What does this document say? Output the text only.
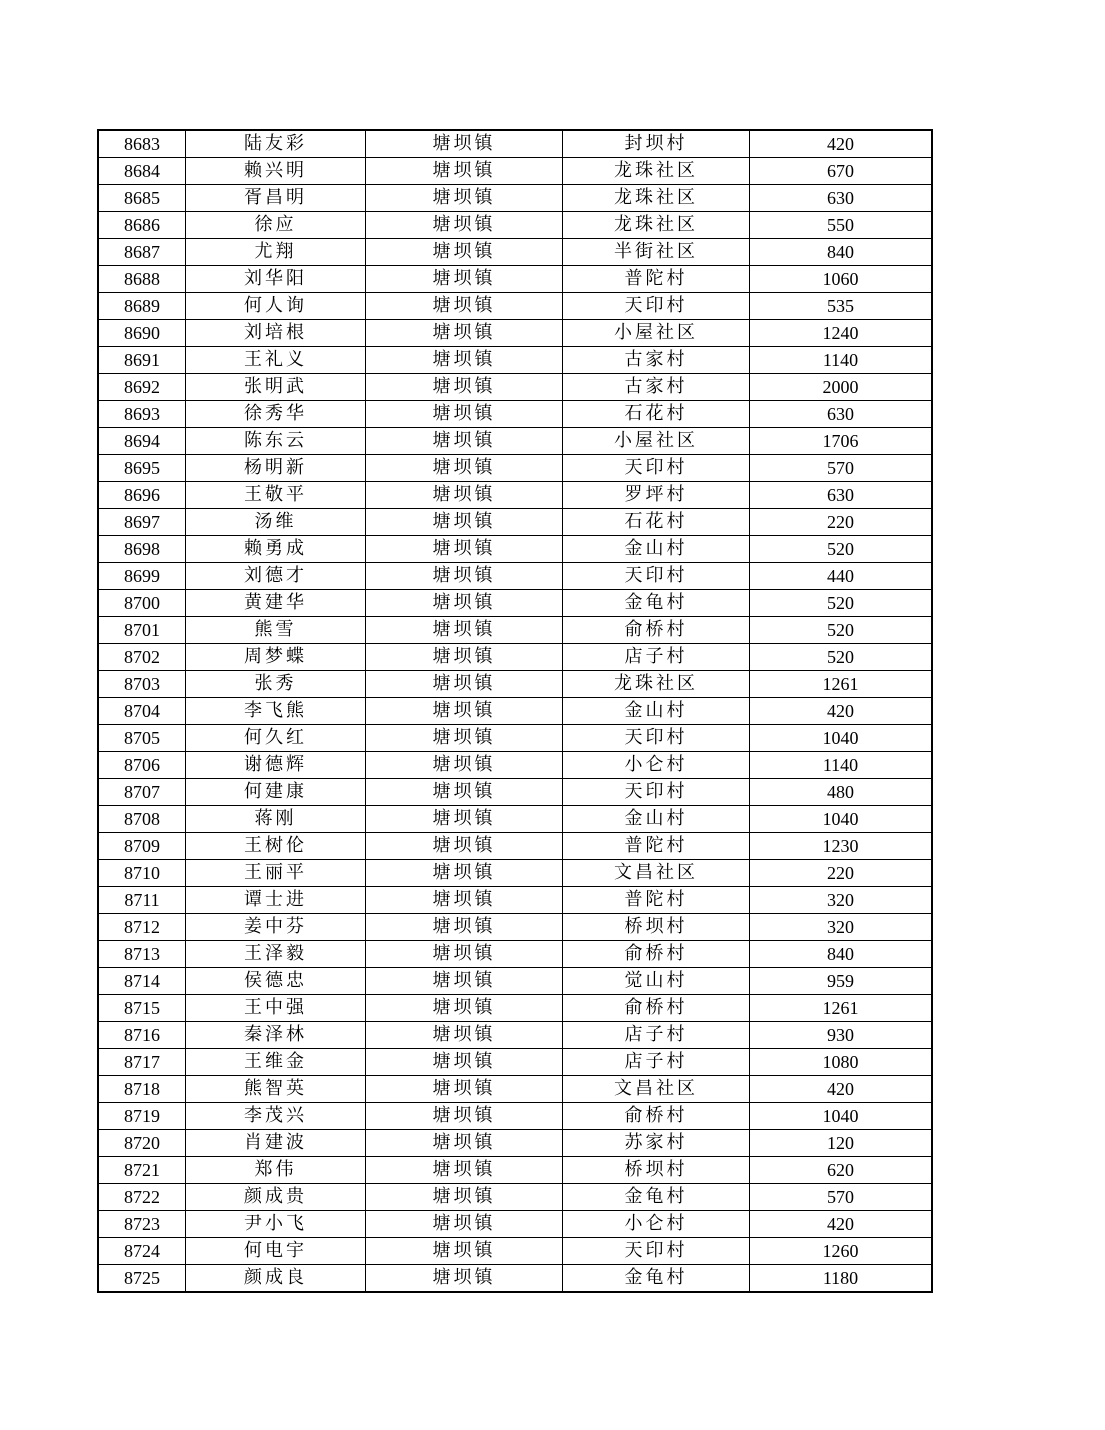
8683	陆友彩	塘坝镇	封坝村	420
8684	赖兴明	塘坝镇	龙珠社区	670
8685	胥昌明	塘坝镇	龙珠社区	630
8686	徐应	塘坝镇	龙珠社区	550
8687	尤翔	塘坝镇	半街社区	840
8688	刘华阳	塘坝镇	普陀村	1060
8689	何人询	塘坝镇	天印村	535
8690	刘培根	塘坝镇	小屋社区	1240
8691	王礼义	塘坝镇	古家村	1140
8692	张明武	塘坝镇	古家村	2000
8693	徐秀华	塘坝镇	石花村	630
8694	陈东云	塘坝镇	小屋社区	1706
8695	杨明新	塘坝镇	天印村	570
8696	王敬平	塘坝镇	罗坪村	630
8697	汤维	塘坝镇	石花村	220
8698	赖勇成	塘坝镇	金山村	520
8699	刘德才	塘坝镇	天印村	440
8700	黄建华	塘坝镇	金龟村	520
8701	熊雪	塘坝镇	俞桥村	520
8702	周梦蝶	塘坝镇	店子村	520
8703	张秀	塘坝镇	龙珠社区	1261
8704	李飞熊	塘坝镇	金山村	420
8705	何久红	塘坝镇	天印村	1040
8706	谢德辉	塘坝镇	小仑村	1140
8707	何建康	塘坝镇	天印村	480
8708	蒋刚	塘坝镇	金山村	1040
8709	王树伦	塘坝镇	普陀村	1230
8710	王丽平	塘坝镇	文昌社区	220
8711	谭士进	塘坝镇	普陀村	320
8712	姜中芬	塘坝镇	桥坝村	320
8713	王泽毅	塘坝镇	俞桥村	840
8714	侯德忠	塘坝镇	觉山村	959
8715	王中强	塘坝镇	俞桥村	1261
8716	秦泽林	塘坝镇	店子村	930
8717	王维金	塘坝镇	店子村	1080
8718	熊智英	塘坝镇	文昌社区	420
8719	李茂兴	塘坝镇	俞桥村	1040
8720	肖建波	塘坝镇	苏家村	120
8721	郑伟	塘坝镇	桥坝村	620
8722	颜成贵	塘坝镇	金龟村	570
8723	尹小飞	塘坝镇	小仑村	420
8724	何电宇	塘坝镇	天印村	1260
8725	颜成良	塘坝镇	金龟村	1180
